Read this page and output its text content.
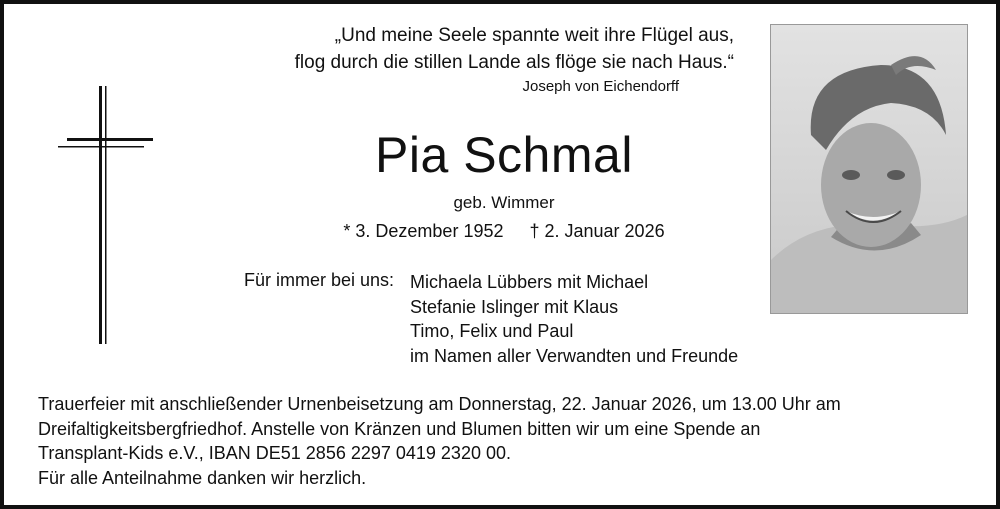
„Und meine Seele spannte weit ihre Flügel aus,
flog durch die stillen Lande als flöge sie nach Haus.“
Joseph von Eichendorff
Pia Schmal
geb. Wimmer
* 3. Dezember 1952 † 2. Januar 2026
Für immer bei uns: Michaela Lübbers mit Michael
Stefanie Islinger mit Klaus
Timo, Felix und Paul
im Namen aller Verwandten und Freunde

Trauerfeier mit anschließender Urnenbeisetzung am Donnerstag, 22. Januar 2026, um 13.00 Uhr am

Dreifaltigkeitsbergfriedhof. Anstelle von Kränzen und Blumen bitten wir um eine Spende an

Transplant-Kids e.V., IBAN DE51 2856 2297 0419 2320 00.

Für alle Anteilnahme danken wir herzlich.
